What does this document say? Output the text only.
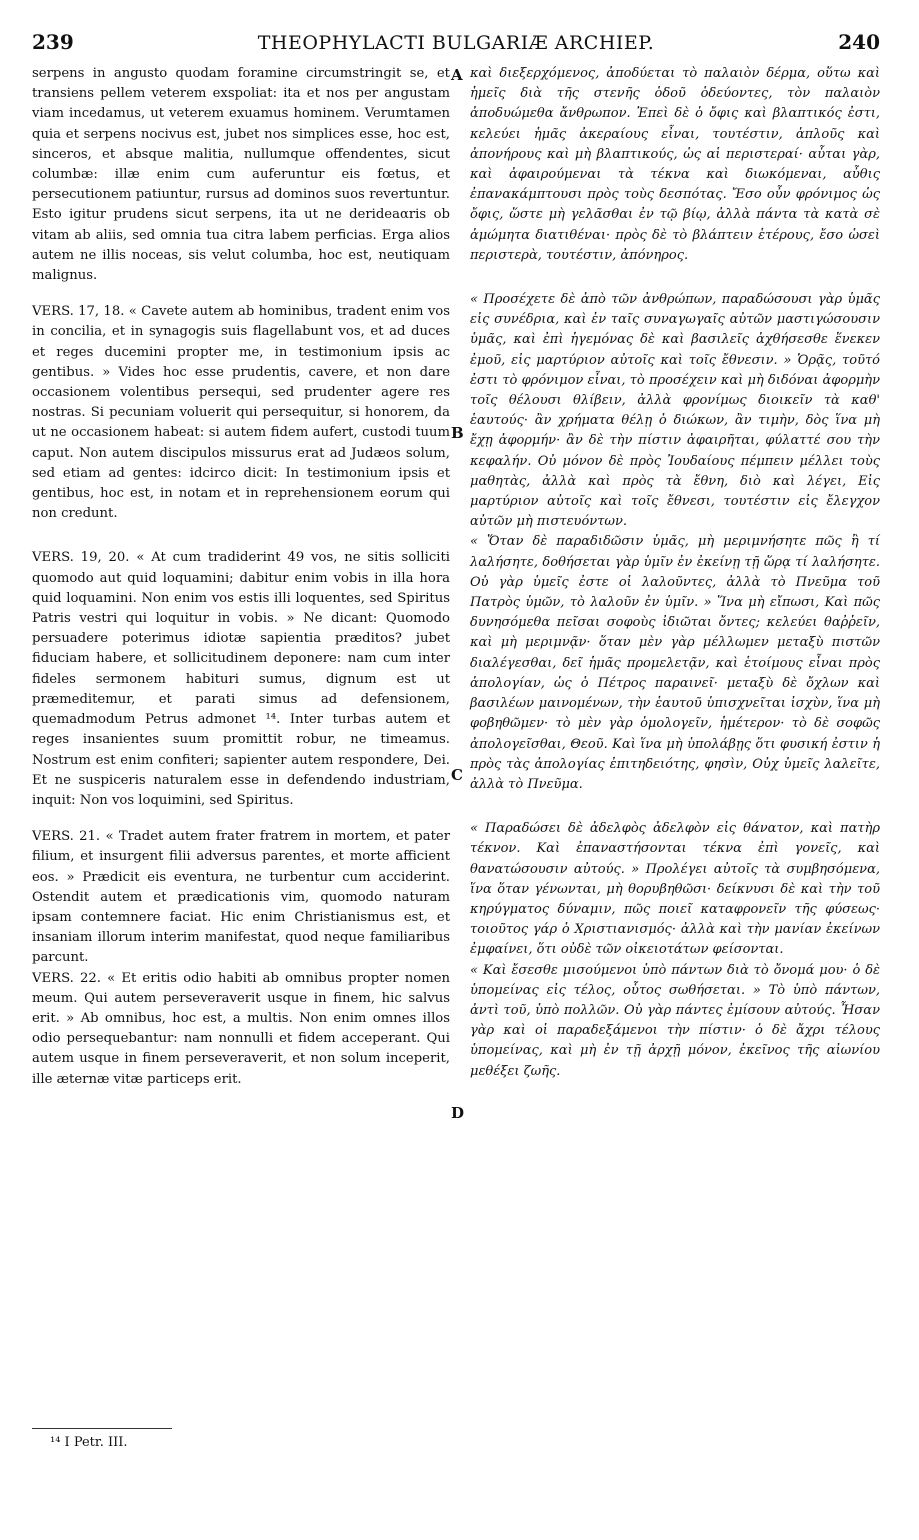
239	THEOPHYLACTI BULGARIÆ ARCHIEP.	240

serpens in angusto quodam foramine circumstringit se, et transiens pellem veterem exspoliat: ita et nos per angustam viam incedamus, ut veterem exuamus hominem. Verumtamen quia et serpens nocivus est, jubet nos simplices esse, hoc est, sinceros, et absque malitia, nullumque offendentes, sicut columbæ: illæ enim cum auferuntur eis fœtus, et persecutionem patiuntur, rursus ad dominos suos revertuntur. Esto igitur prudens sicut serpens, ita ut ne derideaαris ob vitam ab aliis, sed omnia tua citra labem perficias. Erga alios autem ne illis noceas, sis velut columba, hoc est, neutiquam malignus.

VERS. 17, 18. « Cavete autem ab hominibus, tradent enim vos in concilia, et in synagogis suis flagellabunt vos, et ad duces et reges ducemini propter me, in testimonium ipsis ac gentibus. » Vides hoc esse prudentis, cavere, et non dare occasionem volentibus persequi, sed prudenter agere res nostras. Si pecuniam voluerit qui persequitur, si honorem, da ut ne occasionem habeat: si autem fidem aufert, custodi tuum caput. Non autem discipulos missurus erat ad Judæos solum, sed etiam ad gentes: idcirco dicit: In testimonium ipsis et gentibus, hoc est, in notam et in reprehensionem eorum qui non credunt.

VERS. 19, 20. « At cum tradiderint 49 vos, ne sitis solliciti quomodo aut quid loquamini; dabitur enim vobis in illa hora quid loquamini. Non enim vos estis illi loquentes, sed Spiritus Patris vestri qui loquitur in vobis. » Ne dicant: Quomodo persuadere poterimus idiotæ sapientia præditos? jubet fiduciam habere, et sollicitudinem deponere: nam cum inter fideles sermonem habituri sumus, dignum est ut præmeditemur, et parati simus ad defensionem, quemadmodum Petrus admonet ¹⁴. Inter turbas autem et reges insanientes suum promittit robur, ne timeamus. Nostrum est enim confiteri; sapienter autem respondere, Dei. Et ne suspiceris naturalem esse in defendendo industriam, inquit: Non vos loquimini, sed Spiritus.

VERS. 21. « Tradet autem frater fratrem in mortem, et pater filium, et insurgent filii adversus parentes, et morte afficient eos. » Prædicit eis eventura, ne turbentur cum acciderint. Ostendit autem et prædicationis vim, quomodo naturam ipsam contemnere faciat. Hic enim Christianismus est, et insaniam illorum interim manifestat, quod neque familiaribus parcunt.

VERS. 22. « Et eritis odio habiti ab omnibus propter nomen meum. Qui autem perseveraverit usque in finem, hic salvus erit. » Ab omnibus, hoc est, a multis. Non enim omnes illos odio persequebantur: nam nonnulli et fidem acceperant. Qui autem usque in finem perseveraverit, et non solum inceperit, ille æternæ vitæ particeps erit.

A
B
C
D

καὶ διεξερχόμενος, ἀποδύεται τὸ παλαιὸν δέρμα, οὕτω καὶ ἡμεῖς διὰ τῆς στενῆς ὁδοῦ ὁδεύοντες, τὸν παλαιὸν ἀποδυώμεθα ἄνθρωπον. Ἐπεὶ δὲ ὁ ὄφις καὶ βλαπτικός ἐστι, κελεύει ἡμᾶς ἀκεραίους εἶναι, τουτέστιν, ἁπλοῦς καὶ ἀπονήρους καὶ μὴ βλαπτικούς, ὡς αἱ περιστεραί· αὗται γὰρ, καὶ ἀφαιρούμεναι τὰ τέκνα καὶ διωκόμεναι, αὖθις ἐπανακάμπτουσι πρὸς τοὺς δεσπότας. Ἔσο οὖν φρόνιμος ὡς ὄφις, ὥστε μὴ γελᾶσθαι ἐν τῷ βίῳ, ἀλλὰ πάντα τὰ κατὰ σὲ ἀμώμητα διατιθέναι· πρὸς δὲ τὸ βλάπτειν ἑτέρους, ἔσο ὡσεὶ περιστερὰ, τουτέστιν, ἀπόνηρος.

« Προσέχετε δὲ ἀπὸ τῶν ἀνθρώπων, παραδώσουσι γὰρ ὑμᾶς εἰς συνέδρια, καὶ ἐν ταῖς συναγωγαῖς αὐτῶν μαστιγώσουσιν ὑμᾶς, καὶ ἐπὶ ἡγεμόνας δὲ καὶ βασιλεῖς ἀχθήσεσθε ἕνεκεν ἐμοῦ, εἰς μαρτύριον αὐτοῖς καὶ τοῖς ἔθνεσιν. » Ὁρᾷς, τοῦτό ἐστι τὸ φρόνιμον εἶναι, τὸ προσέχειν καὶ μὴ διδόναι ἀφορμὴν τοῖς θέλουσι θλίβειν, ἀλλὰ φρονίμως διοικεῖν τὰ καθ' ἑαυτούς· ἂν χρήματα θέλῃ ὁ διώκων, ἂν τιμὴν, δὸς ἵνα μὴ ἔχῃ ἀφορμήν· ἂν δὲ τὴν πίστιν ἀφαιρῆται, φύλαττέ σου τὴν κεφαλήν. Οὐ μόνον δὲ πρὸς Ἰουδαίους πέμπειν μέλλει τοὺς μαθητὰς, ἀλλὰ καὶ πρὸς τὰ ἔθνη, διὸ καὶ λέγει, Εἰς μαρτύριον αὐτοῖς καὶ τοῖς ἔθνεσι, τουτέστιν εἰς ἔλεγχον αὐτῶν μὴ πιστευόντων.

« Ὅταν δὲ παραδιδῶσιν ὑμᾶς, μὴ μεριμνήσητε πῶς ἢ τί λαλήσητε, δοθήσεται γὰρ ὑμῖν ἐν ἐκείνῃ τῇ ὥρᾳ τί λαλήσητε. Οὐ γὰρ ὑμεῖς ἐστε οἱ λαλοῦντες, ἀλλὰ τὸ Πνεῦμα τοῦ Πατρὸς ὑμῶν, τὸ λαλοῦν ἐν ὑμῖν. » Ἵνα μὴ εἴπωσι, Καὶ πῶς δυνησόμεθα πεῖσαι σοφοὺς ἰδιῶται ὄντες; κελεύει θαῤῥεῖν, καὶ μὴ μεριμνᾷν· ὅταν μὲν γὰρ μέλλωμεν μεταξὺ πιστῶν διαλέγεσθαι, δεῖ ἡμᾶς προμελετᾷν, καὶ ἑτοίμους εἶναι πρὸς ἀπολογίαν, ὡς ὁ Πέτρος παραινεῖ· μεταξὺ δὲ ὄχλων καὶ βασιλέων μαινομένων, τὴν ἑαυτοῦ ὑπισχνεῖται ἰσχὺν, ἵνα μὴ φοβηθῶμεν· τὸ μὲν γὰρ ὁμολογεῖν, ἡμέτερον· τὸ δὲ σοφῶς ἀπολογεῖσθαι, Θεοῦ. Καὶ ἵνα μὴ ὑπολάβῃς ὅτι φυσική ἐστιν ἡ πρὸς τὰς ἀπολογίας ἐπιτηδειότης, φησὶν, Οὐχ ὑμεῖς λαλεῖτε, ἀλλὰ τὸ Πνεῦμα.

« Παραδώσει δὲ ἀδελφὸς ἀδελφὸν εἰς θάνατον, καὶ πατὴρ τέκνον. Καὶ ἐπαναστήσονται τέκνα ἐπὶ γονεῖς, καὶ θανατώσουσιν αὐτούς. » Προλέγει αὐτοῖς τὰ συμβησόμενα, ἵνα ὅταν γένωνται, μὴ θορυβηθῶσι· δείκνυσι δὲ καὶ τὴν τοῦ κηρύγματος δύναμιν, πῶς ποιεῖ καταφρονεῖν τῆς φύσεως· τοιοῦτος γάρ ὁ Χριστιανισμός· ἀλλὰ καὶ τὴν μανίαν ἐκείνων ἐμφαίνει, ὅτι οὐδὲ τῶν οἰκειοτάτων φείσονται.

« Καὶ ἔσεσθε μισούμενοι ὑπὸ πάντων διὰ τὸ ὄνομά μου· ὁ δὲ ὑπομείνας εἰς τέλος, οὗτος σωθήσεται. » Τὸ ὑπὸ πάντων, ἀντὶ τοῦ, ὑπὸ πολλῶν. Οὐ γὰρ πάντες ἐμίσουν αὐτούς. Ἦσαν γὰρ καὶ οἱ παραδεξάμενοι τὴν πίστιν· ὁ δὲ ἄχρι τέλους ὑπομείνας, καὶ μὴ ἐν τῇ ἀρχῇ μόνον, ἐκεῖνος τῆς αἰωνίου μεθέξει ζωῆς.

¹⁴ I Petr. III.
